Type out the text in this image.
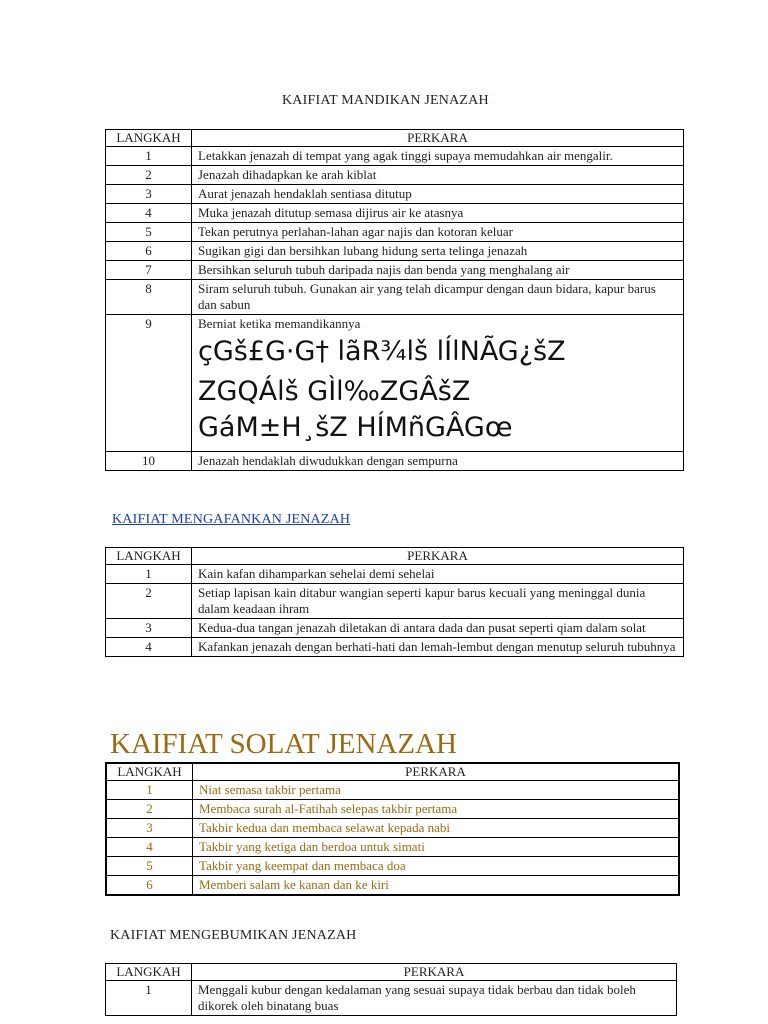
KAIFIAT MANDIKAN JENAZAH
LANGKAH	PERKARA
1	Letakkan jenazah di tempat yang agak tinggi supaya memudahkan air mengalir.
2	Jenazah dihadapkan ke arah kiblat
3	Aurat jenazah hendaklah sentiasa ditutup
4	Muka jenazah ditutup semasa dijirus air ke atasnya
5	Tekan perutnya perlahan-lahan agar najis dan kotoran keluar
6	Sugikan gigi dan bersihkan lubang hidung serta telinga jenazah
7	Bersihkan seluruh tubuh daripada najis dan benda yang menghalang air
8	Siram seluruh tubuh. Gunakan air yang telah dicampur dengan daun bidara, kapur barus dan sabun
9	Berniat ketika memandikannya
çGš£G·G† lãR¾lš lÍlNÃG¿šZ
ZGQÁlš GÌl‰ZGÂšZ
GáM±H¸šZ HÍMñGÂGœ

10	Jenazah hendaklah diwudukkan dengan sempurna
KAIFIAT MENGAFANKAN JENAZAH
LANGKAH	PERKARA
1	Kain kafan dihamparkan sehelai demi sehelai
2	Setiap lapisan kain ditabur wangian seperti kapur barus kecuali yang meninggal dunia dalam keadaan ihram
3	Kedua-dua tangan jenazah diletakan di antara dada dan pusat seperti qiam dalam solat
4	Kafankan jenazah dengan berhati-hati dan lemah-lembut dengan menutup seluruh tubuhnya
KAIFIAT SOLAT JENAZAH
LANGKAH	PERKARA
1	Niat semasa takbir pertama
2	Membaca surah al-Fatihah selepas takbir pertama
3	Takbir kedua dan membaca selawat kepada nabi
4	Takbir yang ketiga dan berdoa untuk simati
5	Takbir yang keempat dan membaca doa
6	Memberi salam ke kanan dan ke kiri
KAIFIAT MENGEBUMIKAN JENAZAH
LANGKAH	PERKARA
1	Menggali kubur dengan kedalaman yang sesuai supaya tidak berbau dan tidak boleh dikorek oleh binatang buas
